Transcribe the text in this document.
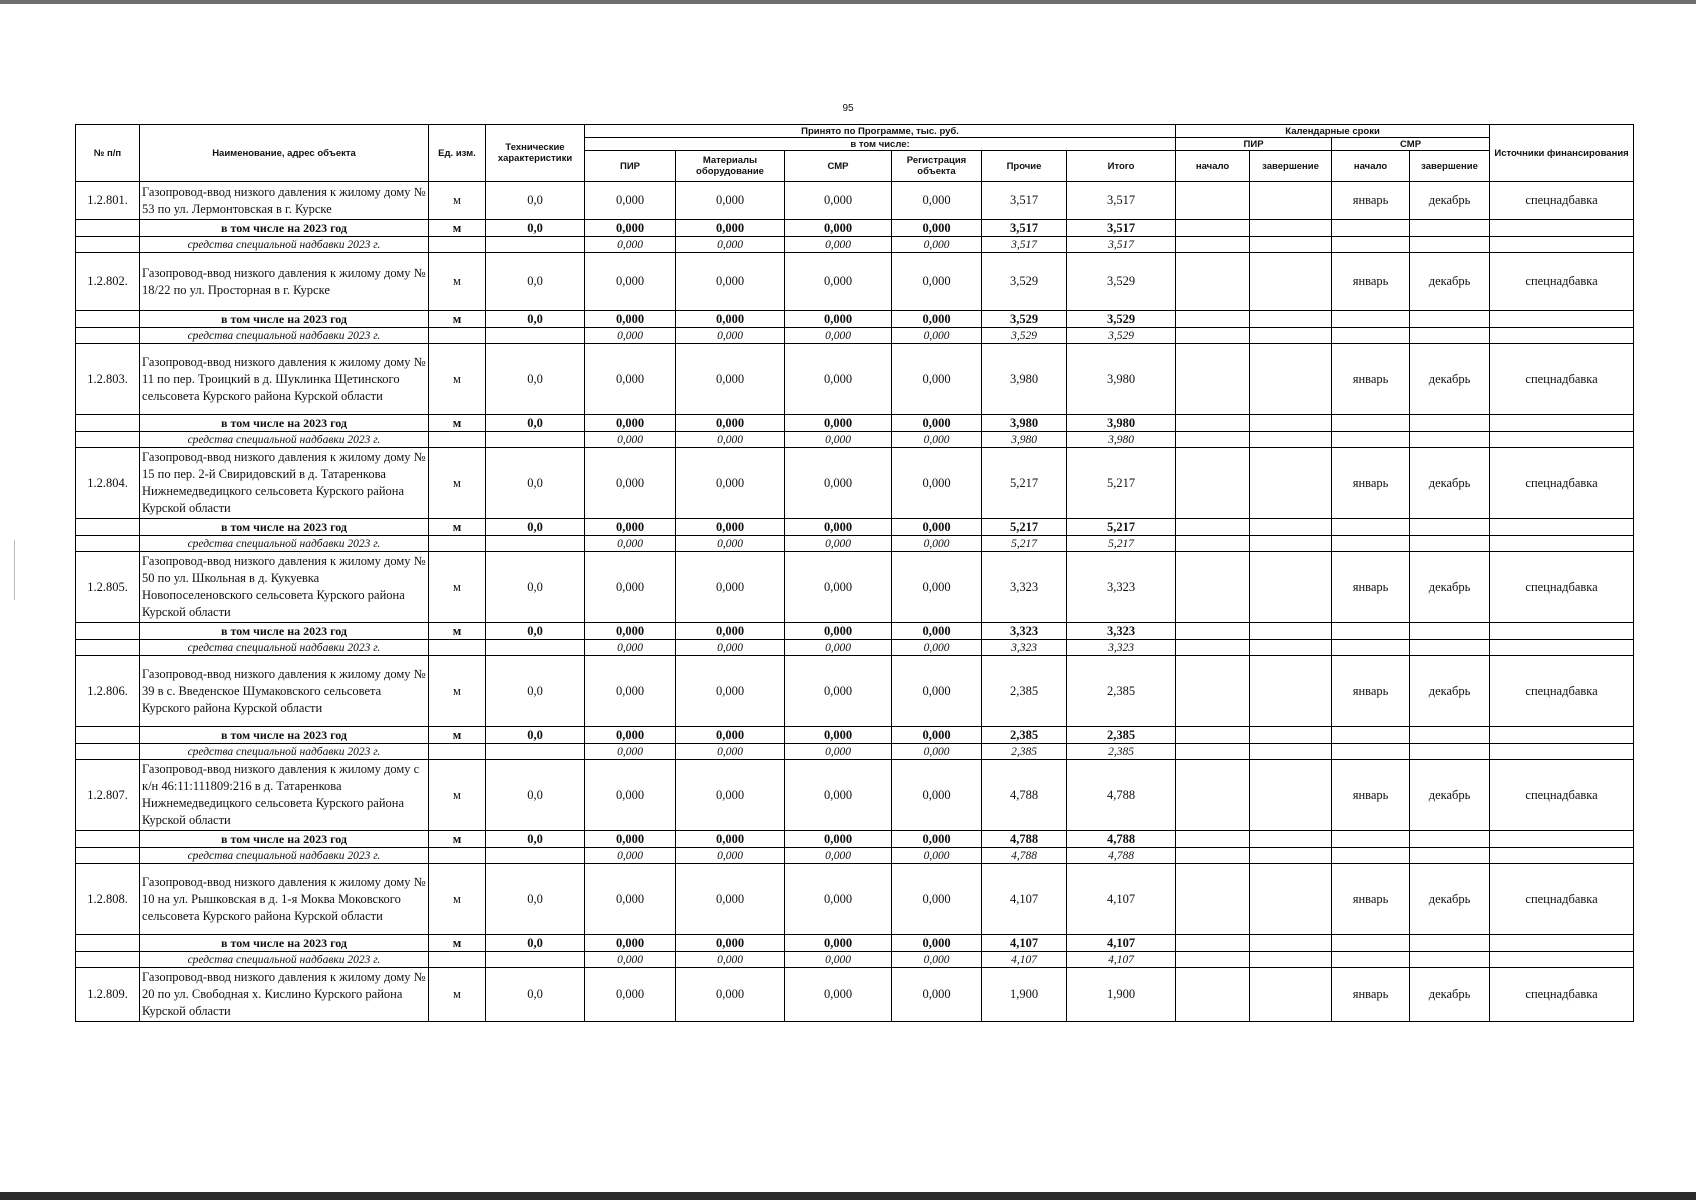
95
№ п/п	Наименование, адрес объекта	Ед. изм.	Технические характеристики	Принято по Программе, тыс. руб.						Календарные сроки				Источники финансирования
				в том числе:						ПИР		СМР		
				ПИР	Материалы оборудование	СМР	Регистрация объекта	Прочие	Итого	начало	завершение	начало	завершение	
1.2.801.	Газопровод-ввод низкого давления к жилому дому № 53 по ул. Лермонтовская в г. Курске	м	0,0	0,000	0,000	0,000	0,000	3,517	3,517			январь	декабрь	спецнадбавка
	в том числе на 2023 год	м	0,0	0,000	0,000	0,000	0,000	3,517	3,517					
	средства специальной надбавки 2023 г.			0,000	0,000	0,000	0,000	3,517	3,517					
1.2.802.	Газопровод-ввод низкого давления к жилому дому № 18/22 по ул. Просторная в г. Курске	м	0,0	0,000	0,000	0,000	0,000	3,529	3,529			январь	декабрь	спецнадбавка
	в том числе на 2023 год	м	0,0	0,000	0,000	0,000	0,000	3,529	3,529					
	средства специальной надбавки 2023 г.			0,000	0,000	0,000	0,000	3,529	3,529					
1.2.803.	Газопровод-ввод низкого давления к жилому дому № 11 по пер. Троицкий в д. Шуклинка Щетинского сельсовета Курского района Курской области	м	0,0	0,000	0,000	0,000	0,000	3,980	3,980			январь	декабрь	спецнадбавка
	в том числе на 2023 год	м	0,0	0,000	0,000	0,000	0,000	3,980	3,980					
	средства специальной надбавки 2023 г.			0,000	0,000	0,000	0,000	3,980	3,980					
1.2.804.	Газопровод-ввод низкого давления к жилому дому № 15 по пер. 2-й Свиридовский в д. Татаренкова Нижнемедведицкого сельсовета Курского района Курской области	м	0,0	0,000	0,000	0,000	0,000	5,217	5,217			январь	декабрь	спецнадбавка
	в том числе на 2023 год	м	0,0	0,000	0,000	0,000	0,000	5,217	5,217					
	средства специальной надбавки 2023 г.			0,000	0,000	0,000	0,000	5,217	5,217					
1.2.805.	Газопровод-ввод низкого давления к жилому дому № 50 по ул. Школьная в д. Кукуевка Новопоселеновского сельсовета Курского района Курской области	м	0,0	0,000	0,000	0,000	0,000	3,323	3,323			январь	декабрь	спецнадбавка
	в том числе на 2023 год	м	0,0	0,000	0,000	0,000	0,000	3,323	3,323					
	средства специальной надбавки 2023 г.			0,000	0,000	0,000	0,000	3,323	3,323					
1.2.806.	Газопровод-ввод низкого давления к жилому дому № 39 в с. Введенское Шумаковского сельсовета Курского района Курской области	м	0,0	0,000	0,000	0,000	0,000	2,385	2,385			январь	декабрь	спецнадбавка
	в том числе на 2023 год	м	0,0	0,000	0,000	0,000	0,000	2,385	2,385					
	средства специальной надбавки 2023 г.			0,000	0,000	0,000	0,000	2,385	2,385					
1.2.807.	Газопровод-ввод низкого давления к жилому дому с к/н 46:11:111809:216 в д. Татаренкова Нижнемедведицкого сельсовета Курского района Курской области	м	0,0	0,000	0,000	0,000	0,000	4,788	4,788			январь	декабрь	спецнадбавка
	в том числе на 2023 год	м	0,0	0,000	0,000	0,000	0,000	4,788	4,788					
	средства специальной надбавки 2023 г.			0,000	0,000	0,000	0,000	4,788	4,788					
1.2.808.	Газопровод-ввод низкого давления к жилому дому № 10 на ул. Рышковская в д. 1-я Моква Моковского сельсовета Курского района Курской области	м	0,0	0,000	0,000	0,000	0,000	4,107	4,107			январь	декабрь	спецнадбавка
	в том числе на 2023 год	м	0,0	0,000	0,000	0,000	0,000	4,107	4,107					
	средства специальной надбавки 2023 г.			0,000	0,000	0,000	0,000	4,107	4,107					
1.2.809.	Газопровод-ввод низкого давления к жилому дому № 20 по ул. Свободная х. Кислино Курского района Курской области	м	0,0	0,000	0,000	0,000	0,000	1,900	1,900			январь	декабрь	спецнадбавка
